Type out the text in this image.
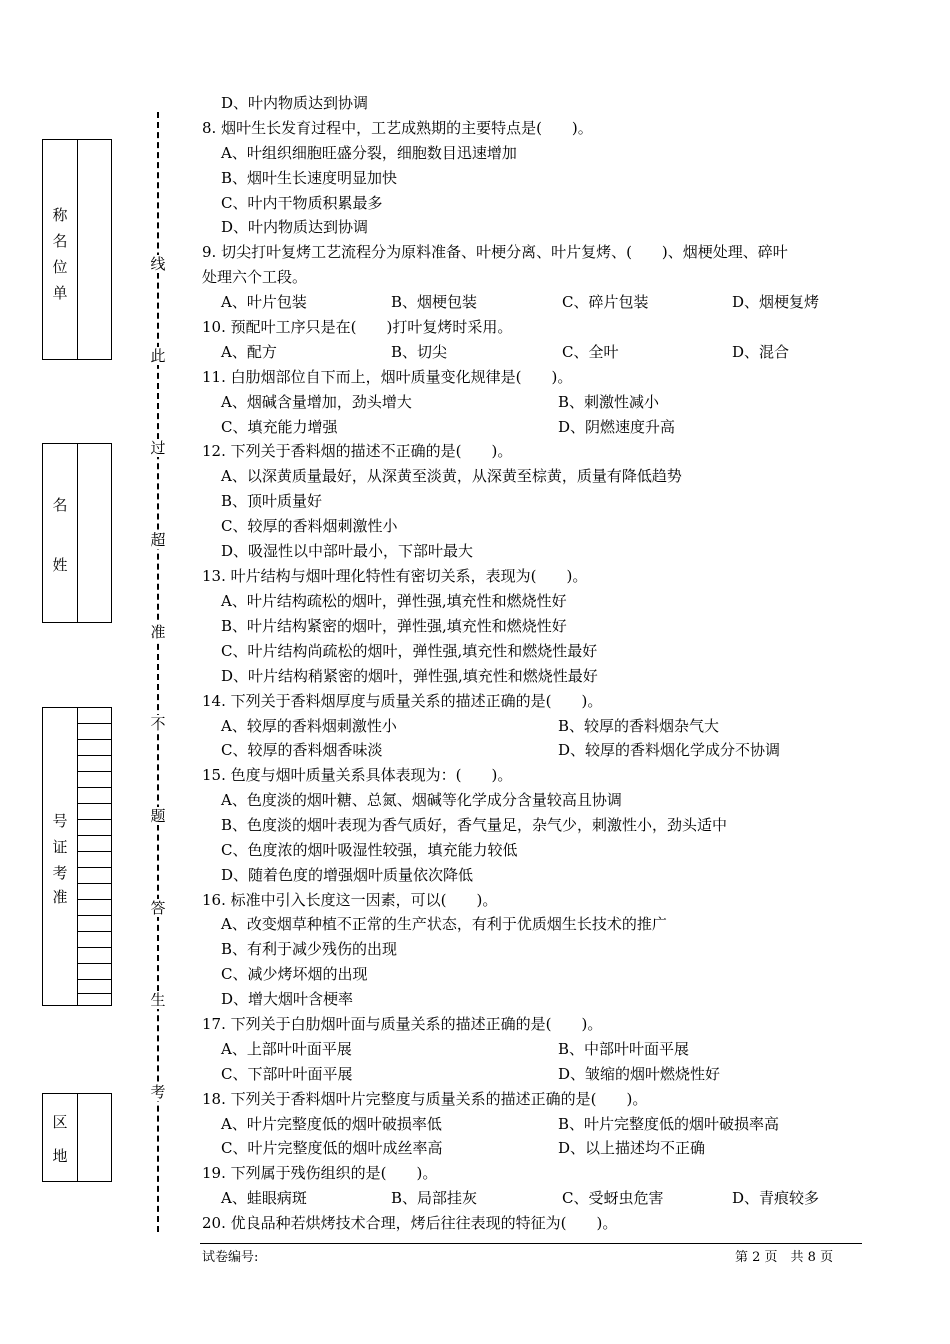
称
名
位
单
名
姓
号
证
考
准
区
地
线
此
过
超
准
不
题
答
生
考
D、叶内物质达到协调
8. 烟叶生长发育过程中，工艺成熟期的主要特点是(　　)。
A、叶组织细胞旺盛分裂，细胞数目迅速增加
B、烟叶生长速度明显加快
C、叶内干物质积累最多
D、叶内物质达到协调
9. 切尖打叶复烤工艺流程分为原料准备、叶梗分离、叶片复烤、(　　)、烟梗处理、碎叶
处理六个工段。
A、叶片包装	B、烟梗包装	C、碎片包装	D、烟梗复烤
10. 预配叶工序只是在(　　)打叶复烤时采用。
A、配方	B、切尖	C、全叶	D、混合
11. 白肋烟部位自下而上，烟叶质量变化规律是(　　)。
A、烟碱含量增加，劲头增大	B、刺激性减小
C、填充能力增强	D、阴燃速度升高
12. 下列关于香料烟的描述不正确的是(　　)。
A、以深黄质量最好，从深黄至淡黄，从深黄至棕黄，质量有降低趋势
B、顶叶质量好
C、较厚的香料烟刺激性小
D、吸湿性以中部叶最小，下部叶最大
13. 叶片结构与烟叶理化特性有密切关系，表现为(　　)。
A、叶片结构疏松的烟叶，弹性强,填充性和燃烧性好
B、叶片结构紧密的烟叶，弹性强,填充性和燃烧性好
C、叶片结构尚疏松的烟叶，弹性强,填充性和燃烧性最好
D、叶片结构稍紧密的烟叶，弹性强,填充性和燃烧性最好
14. 下列关于香料烟厚度与质量关系的描述正确的是(　　)。
A、较厚的香料烟刺激性小	B、较厚的香料烟杂气大
C、较厚的香料烟香味淡	D、较厚的香料烟化学成分不协调
15. 色度与烟叶质量关系具体表现为：(　　)。
A、色度淡的烟叶糖、总氮、烟碱等化学成分含量较高且协调
B、色度淡的烟叶表现为香气质好，香气量足，杂气少，刺激性小，劲头适中
C、色度浓的烟叶吸湿性较强，填充能力较低
D、随着色度的增强烟叶质量依次降低
16. 标准中引入长度这一因素，可以(　　)。
A、改变烟草种植不正常的生产状态，有利于优质烟生长技术的推广
B、有利于减少残伤的出现
C、减少烤坏烟的出现
D、增大烟叶含梗率
17. 下列关于白肋烟叶面与质量关系的描述正确的是(　　)。
A、上部叶叶面平展	B、中部叶叶面平展
C、下部叶叶面平展	D、皱缩的烟叶燃烧性好
18. 下列关于香料烟叶片完整度与质量关系的描述正确的是(　　)。
A、叶片完整度低的烟叶破损率低	B、叶片完整度低的烟叶破损率高
C、叶片完整度低的烟叶成丝率高	D、以上描述均不正确
19. 下列属于残伤组织的是(　　)。
A、蛙眼病斑	B、局部挂灰	C、受蚜虫危害	D、青痕较多
20. 优良品种若烘烤技术合理，烤后往往表现的特征为(　　)。
试卷编号:	第 2 页　共 8 页
